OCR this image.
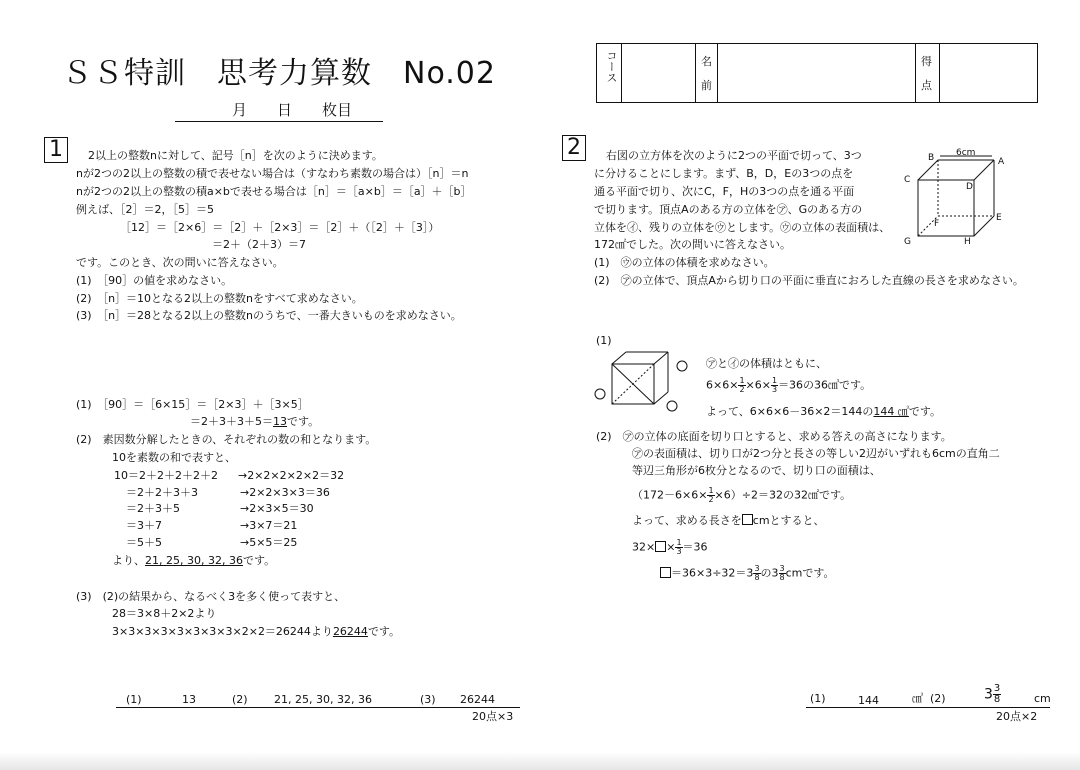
ＳＳ特訓　思考力算数　No.02
月　　日　　枚目
コース	名前
得点
1	2以上の整数nに対して、記号［n］を次のように決めます。
nが2つの2以上の整数の積で表せない場合は（すなわち素数の場合は）［n］＝n
nが2つの2以上の整数の積a×bで表せる場合は［n］＝［a×b］＝［a］＋［b］
例えば、［2］＝2，［5］＝5
［12］＝［2×6］＝［2］＋［2×3］＝［2］＋（［2］＋［3］）
＝2＋（2＋3）＝7
です。このとき、次の問いに答えなさい。
(1)　［90］の値を求めなさい。
(2)　［n］＝10となる2以上の整数nをすべて求めなさい。
(3)　［n］＝28となる2以上の整数nのうちで、一番大きいものを求めなさい。
(1)　［90］＝［6×15］＝［2×3］＋［3×5］
＝2＋3＋3＋5＝13です。
(2)　素因数分解したときの、それぞれの数の和となります。
10を素数の和で表すと、
10＝2＋2＋2＋2＋2 →2×2×2×2×2＝32
＝2＋2＋3＋3	→2×2×3×3＝36
＝2＋3＋5	→2×3×5＝30
＝3＋7	→3×7＝21
＝5＋5	→5×5＝25
より、21, 25, 30, 32, 36です。
(3)　(2)の結果から、なるべく3を多く使って表すと、
28＝3×8＋2×2より
3×3×3×3×3×3×3×3×2×2＝26244より26244です。
(1)	13	(2) 21, 25, 30, 32, 36	(3) 26244
20点×3
2	右図の立方体を次のように2つの平面で切って、3つ
に分けることにします。まず、B，D，Eの3つの点を
通る平面で切り、次にC，F，Hの3つの点を通る平面
で切ります。頂点Aのある方の立体を㋐、Gのある方の
立体を㋑、残りの立体を㋒とします。㋒の立体の表面積は、
172㎠でした。次の問いに答えなさい。
(1)　㋒の立体の体積を求めなさい。
(2)　㋐の立体で、頂点Aから切り口の平面に垂直におろした直線の長さを求めなさい。
6cm
A
B
C
D
E
F
G	H
(1)
㋐と㋑の体積はともに、
$6\times 6\times \frac{1}{2} \times 6\times \frac{1}{3} =36$の36㎤です。
よって、6×6×6－36×2＝144の144 ㎤です。
(2)　㋐の立体の底面を切り口とすると、求める答えの高さになります。
㋐の表面積は、切り口が2つ分と長さの等しい2辺がいずれも6cmの直角二
等辺三角形が6枚分となるので、切り口の面積は、
$(172-6\times 6\times \frac{1}{2} \times 6)\div 2=32$の32㎠です。
よって、求める長さを cmとすると、
$32\times \times \frac{1}{3} =36$
$=36\times 3\div 32=3 \frac{3}{8}$ の$3 \frac{3}{8}$ cmです。
(1)	144	㎤ (2)	$3 \frac{3}{8}$	cm
20点×2
